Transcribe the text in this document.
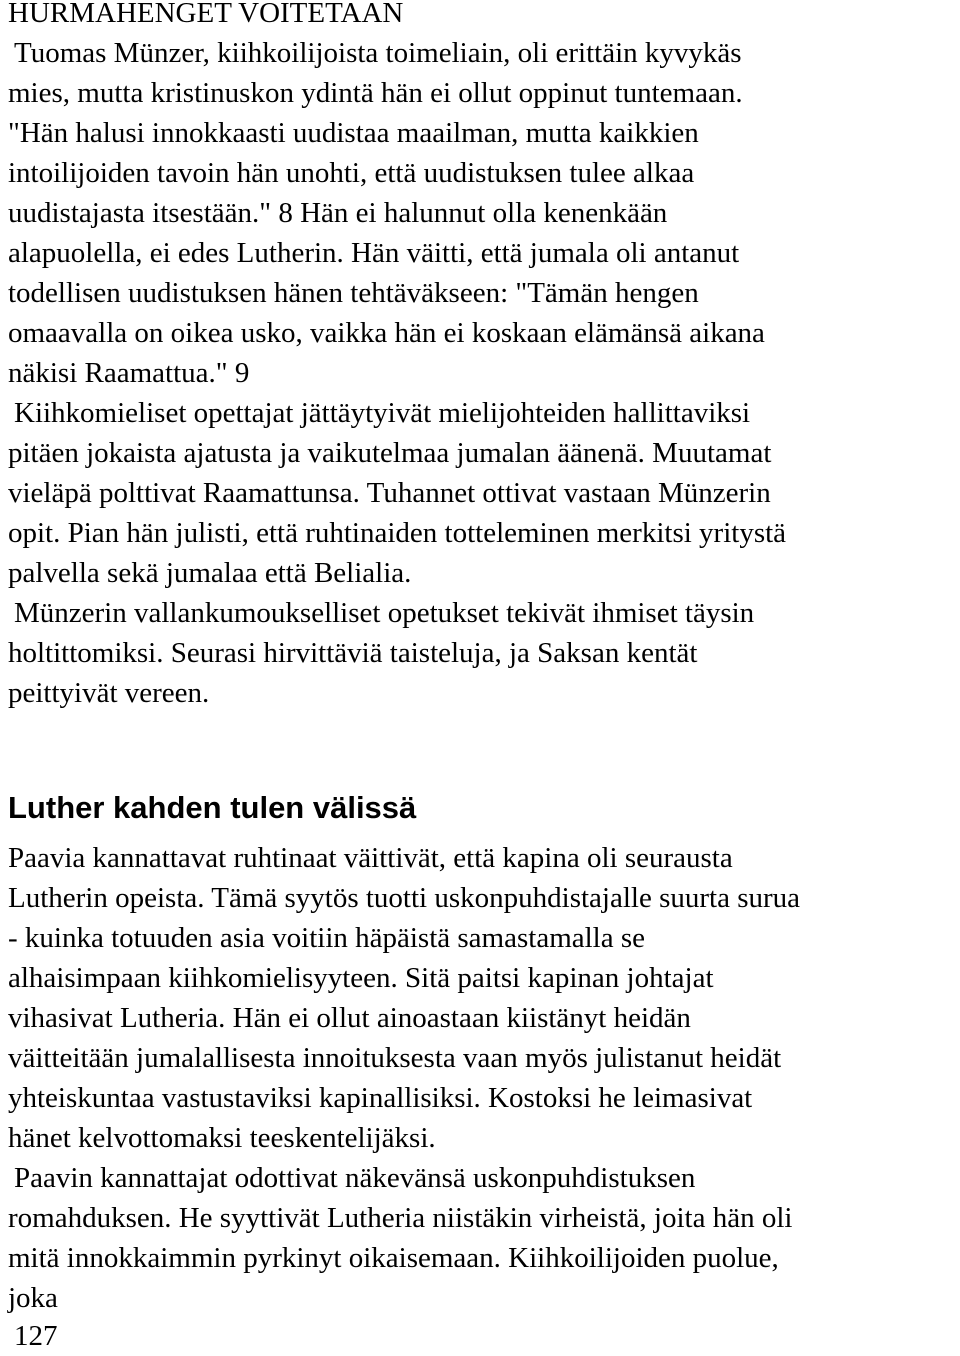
HURMAHENGET VOITETAAN
Tuomas Münzer, kiihkoilijoista toimeliain, oli erittäin kyvykäs
mies, mutta kristinuskon ydintä hän ei ollut oppinut tuntemaan.
"Hän halusi innokkaasti uudistaa maailman, mutta kaikkien
intoilijoiden tavoin hän unohti, että uudistuksen tulee alkaa
uudistajasta itsestään." 8 Hän ei halunnut olla kenenkään
alapuolella, ei edes Lutherin. Hän väitti, että jumala oli antanut
todellisen uudistuksen hänen tehtäväkseen: "Tämän hengen
omaavalla on oikea usko, vaikka hän ei koskaan elämänsä aikana
näkisi Raamattua." 9
Kiihkomieliset opettajat jättäytyivät mielijohteiden hallittaviksi
pitäen jokaista ajatusta ja vaikutelmaa jumalan äänenä. Muutamat
vieläpä polttivat Raamattunsa. Tuhannet ottivat vastaan Münzerin
opit. Pian hän julisti, että ruhtinaiden totteleminen merkitsi yritystä
palvella sekä jumalaa että Belialia.
Münzerin vallankumoukselliset opetukset tekivät ihmiset täysin
holtittomiksi. Seurasi hirvittäviä taisteluja, ja Saksan kentät
peittyivät vereen.
Luther kahden tulen välissä
Paavia kannattavat ruhtinaat väittivät, että kapina oli seurausta
Lutherin opeista. Tämä syytös tuotti uskonpuhdistajalle suurta surua
- kuinka totuuden asia voitiin häpäistä samastamalla se
alhaisimpaan kiihkomielisyyteen. Sitä paitsi kapinan johtajat
vihasivat Lutheria. Hän ei ollut ainoastaan kiistänyt heidän
väitteitään jumalallisesta innoituksesta vaan myös julistanut heidät
yhteiskuntaa vastustaviksi kapinallisiksi. Kostoksi he leimasivat
hänet kelvottomaksi teeskentelijäksi.
Paavin kannattajat odottivat näkevänsä uskonpuhdistuksen
romahduksen. He syyttivät Lutheria niistäkin virheistä, joita hän oli
mitä innokkaimmin pyrkinyt oikaisemaan. Kiihkoilijoiden puolue,
joka
127
